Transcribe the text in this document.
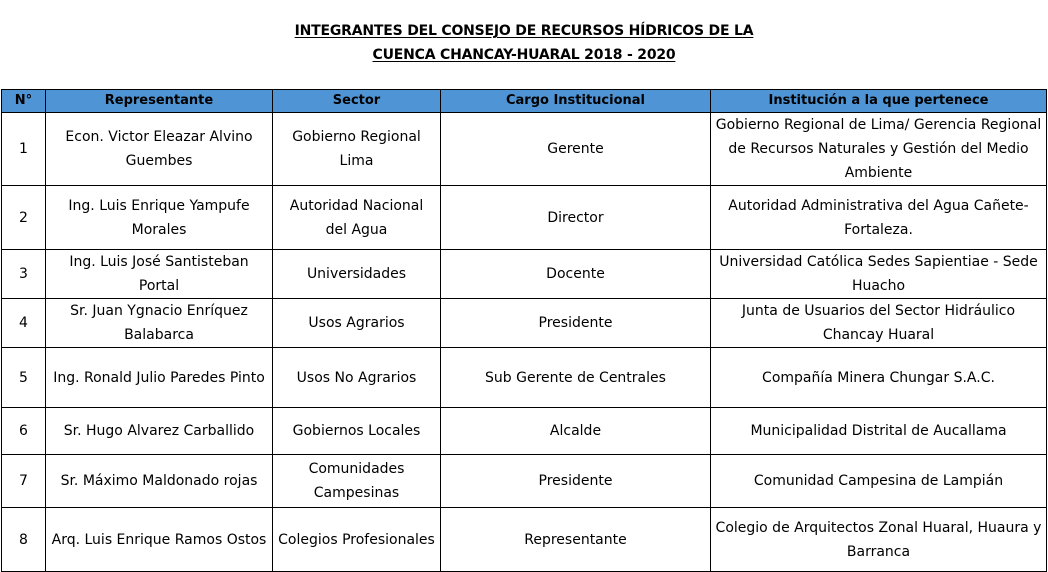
INTEGRANTES DEL CONSEJO DE RECURSOS HÍDRICOS DE LA
CUENCA CHANCAY-HUARAL 2018 - 2020
N°	Representante	Sector	Cargo Institucional	Institución a la que pertenece
1	Econ. Victor Eleazar Alvino Guembes	Gobierno Regional Lima	Gerente	Gobierno Regional de Lima/ Gerencia Regional de Recursos Naturales y Gestión del Medio Ambiente
2	Ing. Luis Enrique Yampufe Morales	Autoridad Nacional del Agua	Director	Autoridad Administrativa del Agua Cañete-Fortaleza.
3	Ing. Luis José Santisteban Portal	Universidades	Docente	Universidad Católica Sedes Sapientiae - Sede Huacho
4	Sr. Juan Ygnacio Enríquez Balabarca	Usos Agrarios	Presidente	Junta de Usuarios del Sector Hidráulico Chancay Huaral
5	Ing. Ronald Julio Paredes Pinto	Usos No Agrarios	Sub Gerente de Centrales	Compañía Minera Chungar S.A.C.
6	Sr. Hugo Alvarez Carballido	Gobiernos Locales	Alcalde	Municipalidad Distrital de Aucallama
7	Sr. Máximo Maldonado rojas	Comunidades Campesinas	Presidente	Comunidad Campesina de Lampián
8	Arq. Luis Enrique Ramos Ostos	Colegios Profesionales	Representante	Colegio de Arquitectos Zonal Huaral, Huaura y Barranca
